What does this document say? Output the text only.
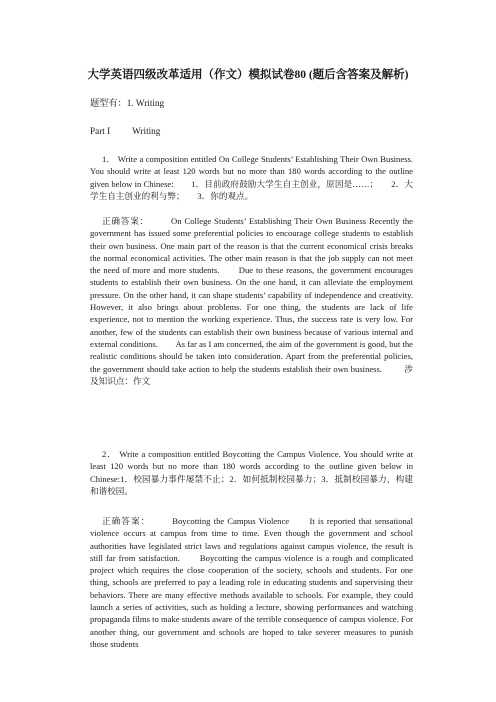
大学英语四级改革适用（作文）模拟试卷80 (题后含答案及解析)
题型有：1. Writing
Part I Writing

1． Write a composition entitled On College Students’ Establishing Their Own Business. You should write at least 120 words but no more than 180 words according to the outline given below in Chinese:　　1．目前政府鼓励大学生自主创业，原因是……；　　2．大学生自主创业的利与弊；　　3．你的观点。

正确答案：	On College Students’ Establishing Their Own Business Recently the government has issued some preferential policies to encourage college students to establish their own business. One main part of the reason is that the current economical crisis breaks the normal economical activities. The other main reason is that the job supply can not meet the need of more and more students.　　Due to these reasons, the government encourages students to establish their own business. On the one hand, it can alleviate the employment pressure. On the other hand, it can shape students’ capability of independence and creativity. However, it also brings about problems. For one thing, the students are lack of life experience, not to mention the working experience. Thus, the success rate is very low. For another, few of the students can establish their own business because of various internal and external conditions.　　As far as I am concerned, the aim of the government is good, but the realistic conditions should be taken into consideration. Apart from the preferential policies, the government should take action to help the students establish their own business.	涉及知识点：作文

2． Write a composition entitled Boycotting the Campus Violence. You should write at least 120 words but no more than 180 words according to the outline given below in Chinese:1．校园暴力事件屡禁不止；2．如何抵制校园暴力；3．抵制校园暴力，构建和谐校园。

正确答案：	Boycotting the Campus Violence　　It is reported that sensational violence occurs at campus from time to time. Even though the government and school authorities have legislated strict laws and regulations against campus violence, the result is still far from satisfaction.　　Boycotting the campus violence is a rough and complicated project which requires the close cooperation of the society, schools and students. For one thing, schools are preferred to pay a leading role in educating students and supervising their behaviors. There are many effective methods available to schools. For example, they could launch a series of activities, such as holding a lecture, showing performances and watching propaganda films to make students aware of the terrible consequence of campus violence. For another thing, our government and schools are hoped to take severer measures to punish those students
